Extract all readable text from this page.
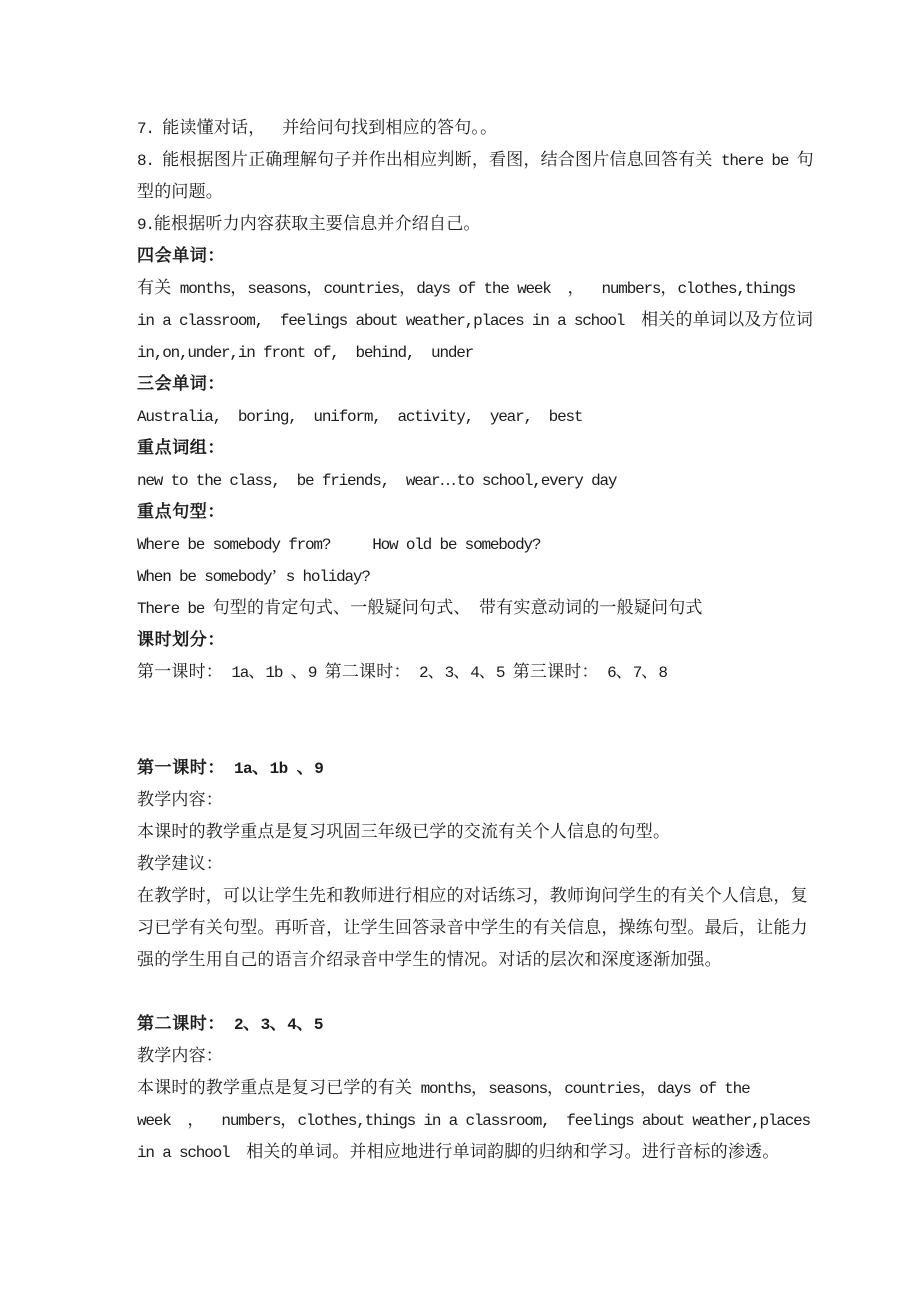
7. 能读懂对话， 并给问句找到相应的答句。。
8. 能根据图片正确理解句子并作出相应判断，看图，结合图片信息回答有关 there be 句
型的问题。
9.能根据听力内容获取主要信息并介绍自己。
四会单词：
有关 months，seasons，countries，days of the week  ，  numbers，clothes,things
in a classroom,  feelings about weather,places in a school  相关的单词以及方位词
in,on,under,in front of,  behind,  under
三会单词：
Australia,  boring,  uniform,  activity,  year,  best
重点词组：
new to the class,  be friends,  wear…to school,every day
重点句型：
Where be somebody from?     How old be somebody?
When be somebody’ s holiday?
There be 句型的肯定句式、一般疑问句式、 带有实意动词的一般疑问句式
课时划分：
第一课时： 1a、1b 、9 第二课时： 2、3、4、5 第三课时： 6、7、8
第一课时： 1a、1b 、9
教学内容：
本课时的教学重点是复习巩固三年级已学的交流有关个人信息的句型。
教学建议：
在教学时，可以让学生先和教师进行相应的对话练习，教师询问学生的有关个人信息，复
习已学有关句型。再听音，让学生回答录音中学生的有关信息，操练句型。最后，让能力
强的学生用自己的语言介绍录音中学生的情况。对话的层次和深度逐渐加强。
第二课时： 2、3、4、5
教学内容：
本课时的教学重点是复习已学的有关 months，seasons，countries，days of the
week  ，  numbers，clothes,things in a classroom,  feelings about weather,places
in a school  相关的单词。并相应地进行单词韵脚的归纳和学习。进行音标的渗透。
